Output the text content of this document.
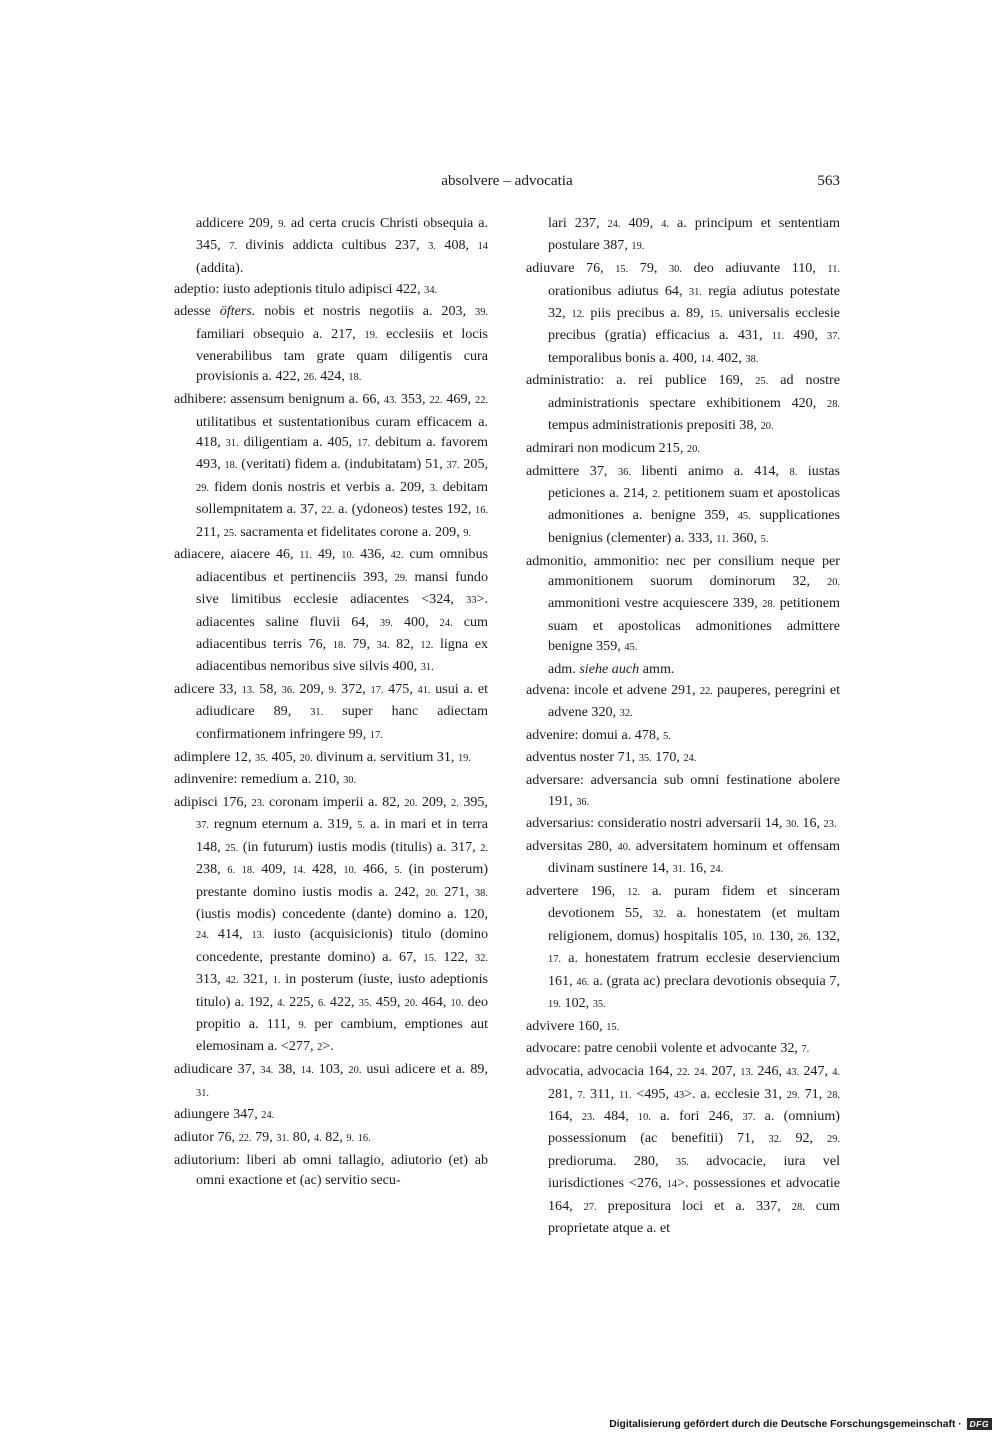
absolvere – advocatia	563

addicere 209, 9. ad certa crucis Christi obsequia a. 345, 7. divinis addicta cultibus 237, 3. 408, 14 (addita).

adeptio: iusto adeptionis titulo adipisci 422, 34.

adesse öfters. nobis et nostris negotiis a. 203, 39. familiari obsequio a. 217, 19. ecclesiis et locis venerabilibus tam grate quam diligentis cura provisionis a. 422, 26. 424, 18.

adhibere: assensum benignum a. 66, 43. 353, 22. 469, 22. utilitatibus et sustentationibus curam efficacem a. 418, 31. diligentiam a. 405, 17. debitum a. favorem 493, 18. (veritati) fidem a. (indubitatam) 51, 37. 205, 29. fidem donis nostris et verbis a. 209, 3. debitam sollempnitatem a. 37, 22. a. (ydoneos) testes 192, 16. 211, 25. sacramenta et fidelitates corone a. 209, 9.

adiacere, aiacere 46, 11. 49, 10. 436, 42. cum omnibus adiacentibus et pertinenciis 393, 29. mansi fundo sive limitibus ecclesie adiacentes <324, 33>. adiacentes saline fluvii 64, 39. 400, 24. cum adiacentibus terris 76, 18. 79, 34. 82, 12. ligna ex adiacentibus nemoribus sive silvis 400, 31.

adicere 33, 13. 58, 36. 209, 9. 372, 17. 475, 41. usui a. et adiudicare 89, 31. super hanc adiectam confirmationem infringere 99, 17.

adimplere 12, 35. 405, 20. divinum a. servitium 31, 19.

adinvenire: remedium a. 210, 30.

adipisci 176, 23. coronam imperii a. 82, 20. 209, 2. 395, 37. regnum eternum a. 319, 5. a. in mari et in terra 148, 25. (in futurum) iustis modis (titulis) a. 317, 2. 238, 6. 18. 409, 14. 428, 10. 466, 5. (in posterum) prestante domino iustis modis a. 242, 20. 271, 38. (iustis modis) concedente (dante) domino a. 120, 24. 414, 13. iusto (acquisicionis) titulo (domino concedente, prestante domino) a. 67, 15. 122, 32. 313, 42. 321, 1. in posterum (iuste, iusto adeptionis titulo) a. 192, 4. 225, 6. 422, 35. 459, 20. 464, 10. deo propitio a. 111, 9. per cambium, emptiones aut elemosinam a. <277, 2>.

adiudicare 37, 34. 38, 14. 103, 20. usui adicere et a. 89, 31.

adiungere 347, 24.

adiutor 76, 22. 79, 31. 80, 4. 82, 9. 16.

adiutorium: liberi ab omni tallagio, adiutorio (et) ab omni exactione et (ac) servitio secu-

lari 237, 24. 409, 4. a. principum et sententiam postulare 387, 19.

adiuvare 76, 15. 79, 30. deo adiuvante 110, 11. orationibus adiutus 64, 31. regia adiutus potestate 32, 12. piis precibus a. 89, 15. universalis ecclesie precibus (gratia) efficacius a. 431, 11. 490, 37. temporalibus bonis a. 400, 14. 402, 38.

administratio: a. rei publice 169, 25. ad nostre administrationis spectare exhibitionem 420, 28. tempus administrationis prepositi 38, 20.

admirari non modicum 215, 20.

admittere 37, 36. libenti animo a. 414, 8. iustas peticiones a. 214, 2. petitionem suam et apostolicas admonitiones a. benigne 359, 45. supplicationes benignius (clementer) a. 333, 11. 360, 5.

admonitio, ammonitio: nec per consilium neque per ammonitionem suorum dominorum 32, 20. ammonitioni vestre acquiescere 339, 28. petitionem suam et apostolicas admonitiones admittere benigne 359, 45.

adm. siehe auch amm.

advena: incole et advene 291, 22. pauperes, peregrini et advene 320, 32.

advenire: domui a. 478, 5.

adventus noster 71, 35. 170, 24.

adversare: adversancia sub omni festinatione abolere 191, 36.

adversarius: consideratio nostri adversarii 14, 30. 16, 23.

adversitas 280, 40. adversitatem hominum et offensam divinam sustinere 14, 31. 16, 24.

advertere 196, 12. a. puram fidem et sinceram devotionem 55, 32. a. honestatem (et multam religionem, domus) hospitalis 105, 10. 130, 26. 132, 17. a. honestatem fratrum ecclesie deserviencium 161, 46. a. (grata ac) preclara devotionis obsequia 7, 19. 102, 35.

advivere 160, 15.

advocare: patre cenobii volente et advocante 32, 7.

advocatia, advocacia 164, 22. 24. 207, 13. 246, 43. 247, 4. 281, 7. 311, 11. <495, 43>. a. ecclesie 31, 29. 71, 28. 164, 23. 484, 10. a. fori 246, 37. a. (omnium) possessionum (ac benefitii) 71, 32. 92, 29. predioruma. 280, 35. advocacie, iura vel iurisdictiones <276, 14>. possessiones et advocatie 164, 27. prepositura loci et a. 337, 28. cum proprietate atque a. et

Digitalisierung gefördert durch die Deutsche Forschungsgemeinschaft · DFG
